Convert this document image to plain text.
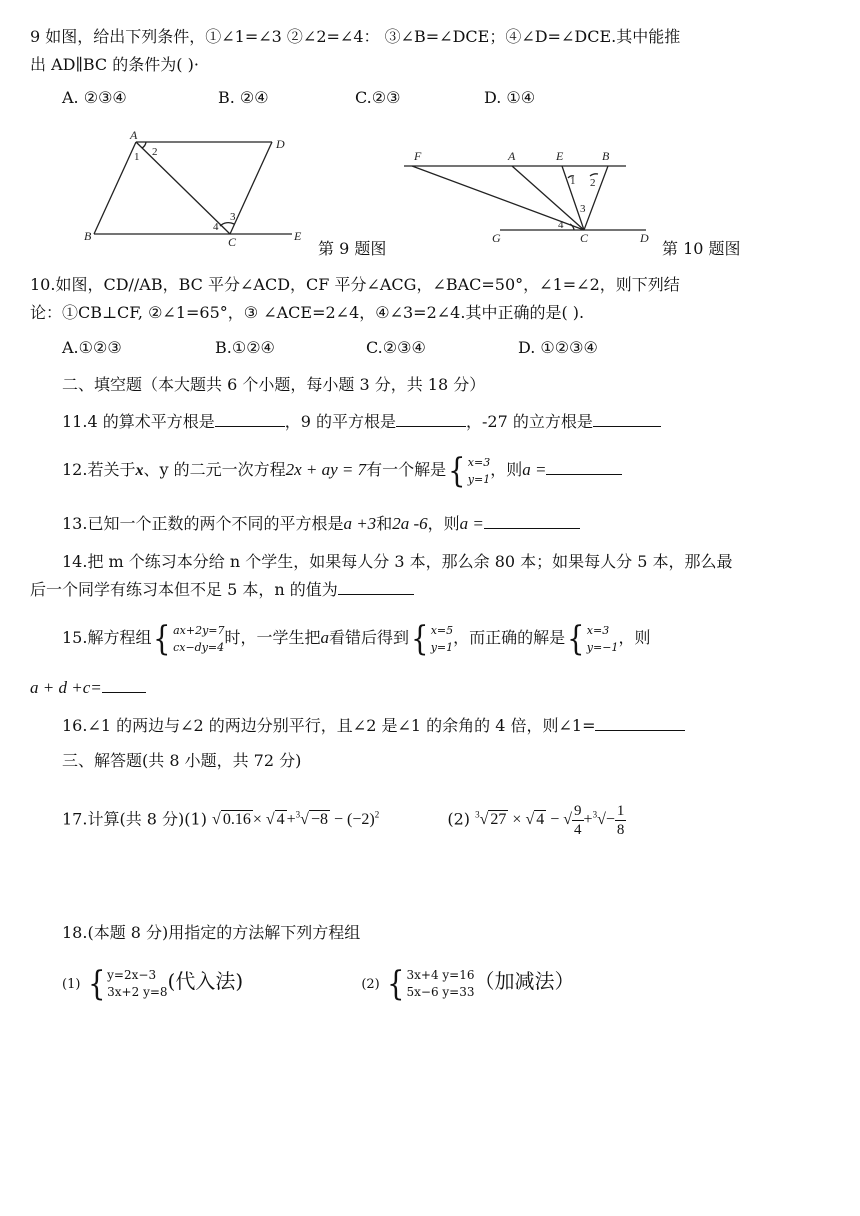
9 如图，给出下列条件，①∠1=∠3 ②∠2=∠4： ③∠B=∠DCE；④∠D=∠DCE.其中能推
出 AD∥BC 的条件为( )·
A. ②③④	B. ②④	C.②③	D. ①④
A
D
B	C	E
1 2
3
4
第 9 题图
F	A	E	B
G	C	D
1 2
3
4
第 10 题图
10.如图，CD//AB，BC 平分∠ACD，CF 平分∠ACG，∠BAC=50°，∠1=∠2，则下列结
论：①CB⊥CF, ②∠1=65°，③ ∠ACE=2∠4，④∠3=2∠4.其中正确的是( ).
A.①②③	B.①②④	C.②③④	D. ①②③④
二、填空题（本大题共 6 个小题，每小题 3 分，共 18 分）
11.4 的算术平方根是	，9 的平方根是	，-27 的立方根是
12.若关于x、y 的二元一次方程2x + ay = 7有一个解是{ x=3
y=1 ，则a =
13.已知一个正数的两个不同的平方根是a +3和2a -6，则a =
14.把 m 个练习本分给 n 个学生，如果每人分 3 本，那么余 80 本；如果每人分 5 本，那么最
后一个同学有练习本但不足 5 本，n 的值为
15.解方程组{ ax+2y=7
cx−dy=4 时，一学生把a看错后得到{ x=5
y=1 ，而正确的解是{ x=3
y=−1 ，则
a + d +c=
16.∠1 的两边与∠2 的两边分别平行，且∠2 是∠1 的余角的 4 倍，则∠1=
三、解答题(共 8 小题，共 72 分)
17.计算(共 8 分)(1) √ 0.16 × √ $4 +^3√ -8 - (-2)^2$	(2) $^3$√ 27 × √ 4 − √ $\frac{9}{4} +^3√- \frac{1}{8}$
18.(本题 8 分)用指定的方法解下列方程组
(1) { y=2x−3
3x+2 y=8 (代入法)	(2) { 3x+4 y=16
5x−6 y=33 （加减法）
